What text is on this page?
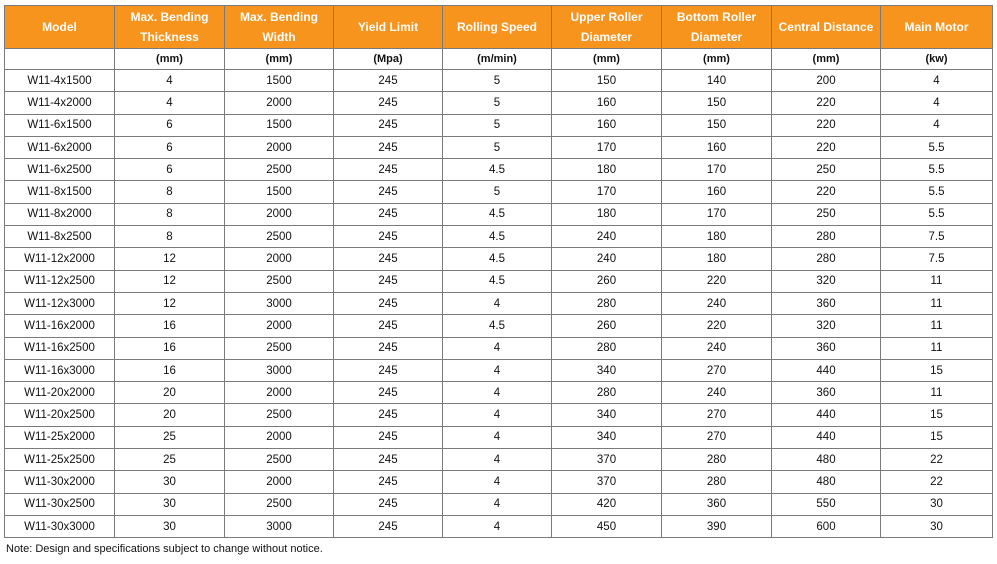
Model	Max. Bending Thickness	Max. Bending Width	Yield Limit	Rolling Speed	Upper Roller Diameter	Bottom Roller Diameter	Central Distance	Main Motor
	(mm)	(mm)	(Mpa)	(m/min)	(mm)	(mm)	(mm)	(kw)
W11-4x1500	4	1500	245	5	150	140	200	4
W11-4x2000	4	2000	245	5	160	150	220	4
W11-6x1500	6	1500	245	5	160	150	220	4
W11-6x2000	6	2000	245	5	170	160	220	5.5
W11-6x2500	6	2500	245	4.5	180	170	250	5.5
W11-8x1500	8	1500	245	5	170	160	220	5.5
W11-8x2000	8	2000	245	4.5	180	170	250	5.5
W11-8x2500	8	2500	245	4.5	240	180	280	7.5
W11-12x2000	12	2000	245	4.5	240	180	280	7.5
W11-12x2500	12	2500	245	4.5	260	220	320	11
W11-12x3000	12	3000	245	4	280	240	360	11
W11-16x2000	16	2000	245	4.5	260	220	320	11
W11-16x2500	16	2500	245	4	280	240	360	11
W11-16x3000	16	3000	245	4	340	270	440	15
W11-20x2000	20	2000	245	4	280	240	360	11
W11-20x2500	20	2500	245	4	340	270	440	15
W11-25x2000	25	2000	245	4	340	270	440	15
W11-25x2500	25	2500	245	4	370	280	480	22
W11-30x2000	30	2000	245	4	370	280	480	22
W11-30x2500	30	2500	245	4	420	360	550	30
W11-30x3000	30	3000	245	4	450	390	600	30
Note: Design and specifications subject to change without notice.
